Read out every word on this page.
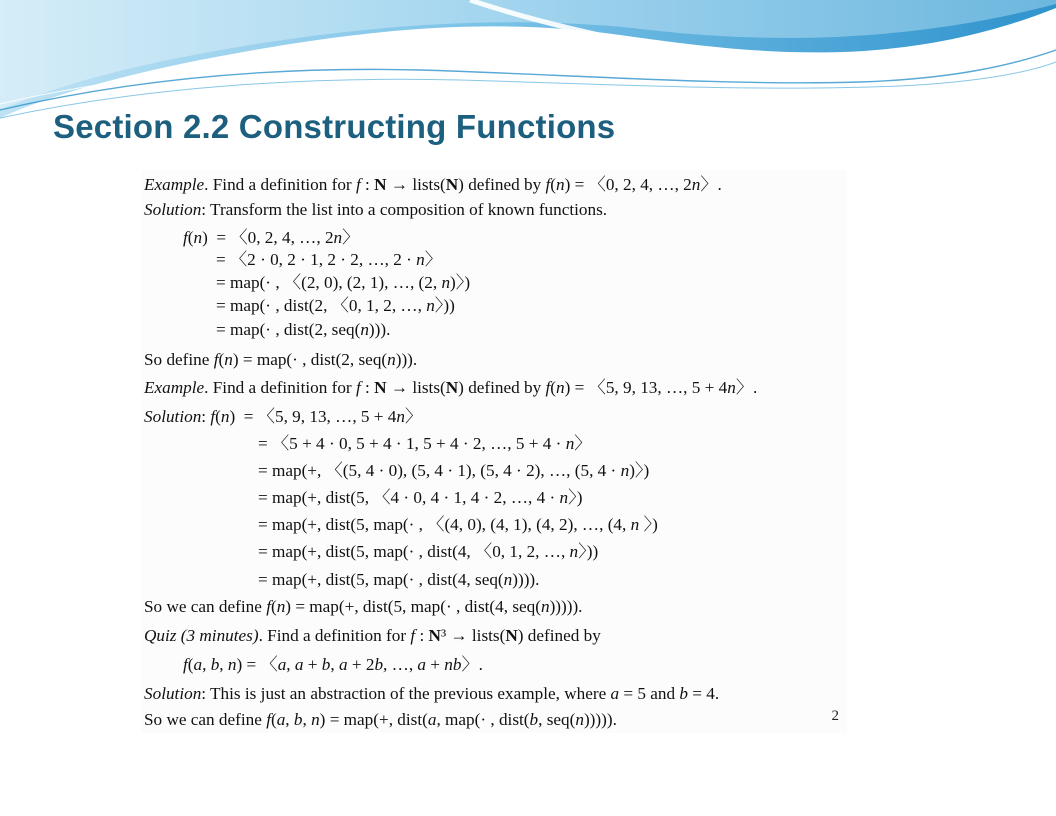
Section 2.2 Constructing Functions
2
Example. Find a definition for f : N → lists(N) defined by f(n) = 〈0, 2, 4, …, 2n〉.
Solution: Transform the list into a composition of known functions.
f(n)  = 〈0, 2, 4, …, 2n〉
= 〈2 · 0, 2 · 1, 2 · 2, …, 2 · n〉
= map(· , 〈(2, 0), (2, 1), …, (2, n)〉)
= map(· , dist(2, 〈0, 1, 2, …, n〉))
= map(· , dist(2, seq(n))).
So define f(n) = map(· , dist(2, seq(n))).
Example. Find a definition for f : N → lists(N) defined by f(n) = 〈5, 9, 13, …, 5 + 4n〉.
Solution: f(n)  = 〈5, 9, 13, …, 5 + 4n〉
= 〈5 + 4 · 0, 5 + 4 · 1, 5 + 4 · 2, …, 5 + 4 · n〉
= map(+, 〈(5, 4 · 0), (5, 4 · 1), (5, 4 · 2), …, (5, 4 · n)〉)
= map(+, dist(5, 〈4 · 0, 4 · 1, 4 · 2, …, 4 · n〉)
= map(+, dist(5, map(· , 〈(4, 0), (4, 1), (4, 2), …, (4, n 〉)
= map(+, dist(5, map(· , dist(4, 〈0, 1, 2, …, n〉))
= map(+, dist(5, map(· , dist(4, seq(n)))).
So we can define f(n) = map(+, dist(5, map(· , dist(4, seq(n))))).
Quiz (3 minutes). Find a definition for f : N³ → lists(N) defined by
f(a, b, n) = 〈a, a + b, a + 2b, …, a + nb〉.
Solution: This is just an abstraction of the previous example, where a = 5 and b = 4.
So we can define f(a, b, n) = map(+, dist(a, map(· , dist(b, seq(n))))).
